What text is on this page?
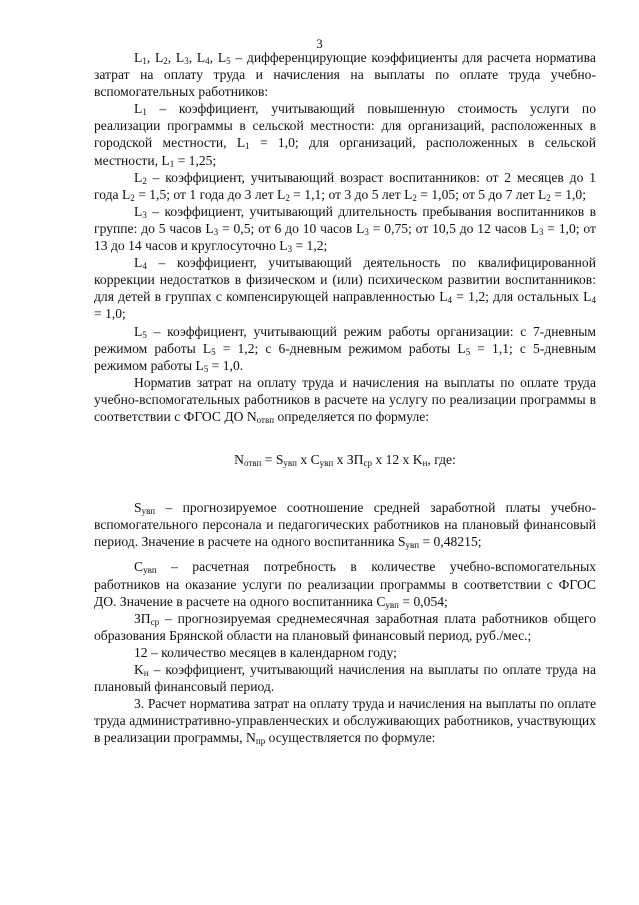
3

$L_1$, $L_2$, $L_3$, $L_4$, $L_5$ – дифференцирующие коэффициенты для расчета норматива затрат на оплату труда и начисления на выплаты по оплате труда учебно-вспомогательных работников:

$L_1$ – коэффициент, учитывающий повышенную стоимость услуги по реализации программы в сельской местности: для организаций, расположенных в городской местности, $L_1 = 1,0$; для организаций, расположенных в сельской местности, $L_1 = 1,25$;

$L_2$ – коэффициент, учитывающий возраст воспитанников: от 2 месяцев до 1 года $L_2 = 1,5$; от 1 года до 3 лет $L_2 = 1,1$; от 3 до 5 лет $L_2 = 1,05$; от 5 до 7 лет $L_2 = 1,0$;

$L_3$ – коэффициент, учитывающий длительность пребывания воспитанников в группе: до 5 часов $L_3 = 0,5$; от 6 до 10 часов $L_3 = 0,75$; от 10,5 до 12 часов $L_3 = 1,0$; от 13 до 14 часов и круглосуточно $L_3 = 1,2$;

$L_4$ – коэффициент, учитывающий деятельность по квалифицированной коррекции недостатков в физическом и (или) психическом развитии воспитанников: для детей в группах с компенсирующей направленностью $L_4 = 1,2$; для остальных $L_4 = 1,0$;

$L_5$ – коэффициент, учитывающий режим работы организации: с 7-дневным режимом работы $L_5 = 1,2$; с 6-дневным режимом работы $L_5 = 1,1$; с 5-дневным режимом работы $L_5 = 1,0$.

Норматив затрат на оплату труда и начисления на выплаты по оплате труда учебно-вспомогательных работников в расчете на услугу по реализации программы в соответствии с ФГОС ДО $N_{отвп}$ определяется по формуле:

$N_{отвп} = S_{увп}$ x $C_{увп}$ x $ЗП_{ср}$ x 12 x $K_н$, где:

$S_{увп}$ – прогнозируемое соотношение средней заработной платы учебно-вспомогательного персонала и педагогических работников на плановый финансовый период. Значение в расчете на одного воспитанника $S_{увп} = 0,48215$;

$C_{увп}$ – расчетная потребность в количестве учебно-вспомогательных работников на оказание услуги по реализации программы в соответствии с ФГОС ДО. Значение в расчете на одного воспитанника $C_{увп} = 0,054$;

$ЗП_{ср}$ – прогнозируемая среднемесячная заработная плата работников общего образования Брянской области на плановый финансовый период, руб./мес.;

12 – количество месяцев в календарном году;

$K_н$ – коэффициент, учитывающий начисления на выплаты по оплате труда на плановый финансовый период.

3. Расчет норматива затрат на оплату труда и начисления на выплаты по оплате труда административно-управленческих и обслуживающих работников, участвующих в реализации программы, $N_{пр}$ осуществляется по формуле:
